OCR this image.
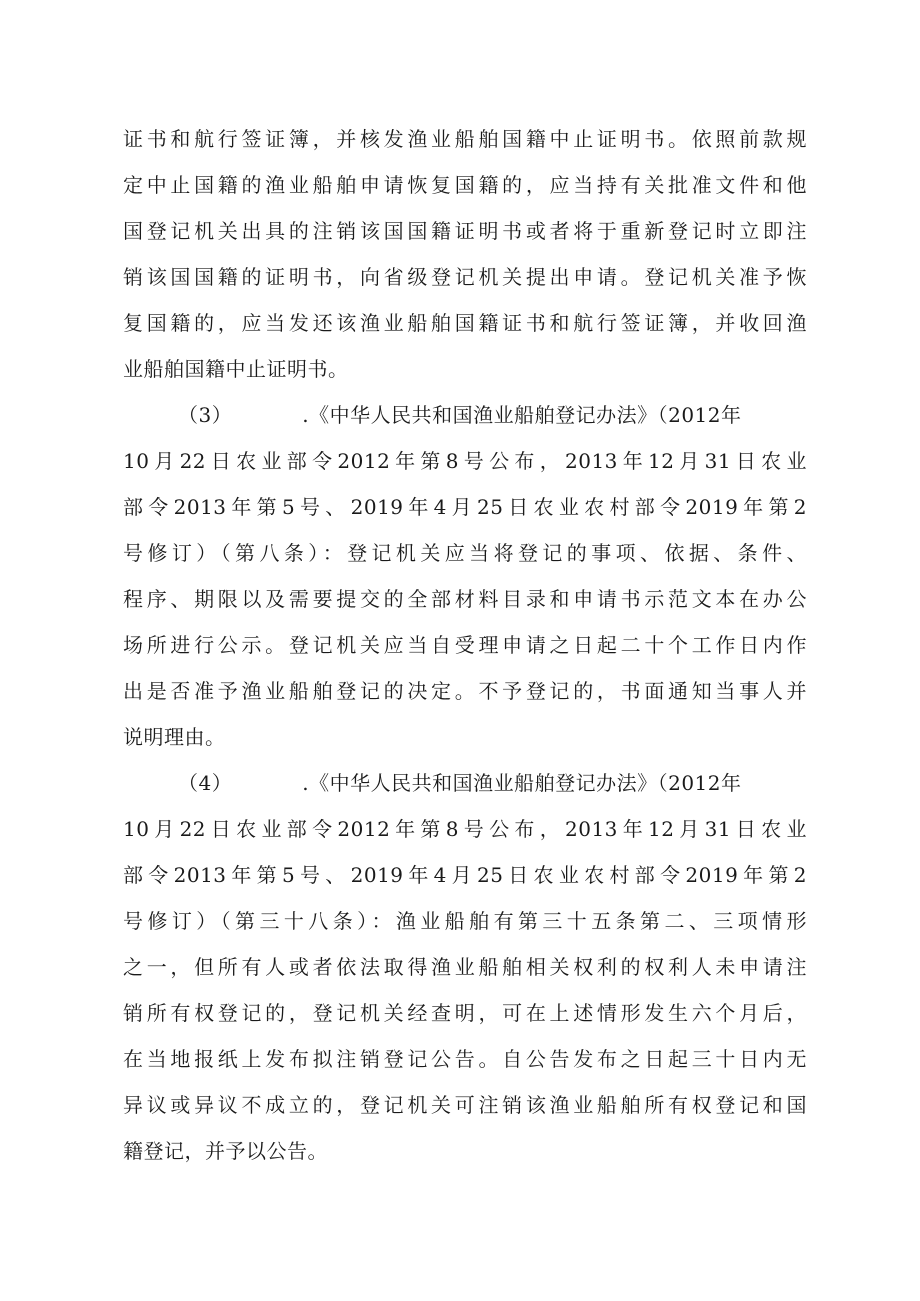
证书和航行签证簿，并核发渔业船舶国籍中止证明书。依照前款规
定中止国籍的渔业船舶申请恢复国籍的，应当持有关批准文件和他
国登记机关出具的注销该国国籍证明书或者将于重新登记时立即注
销该国国籍的证明书，向省级登记机关提出申请。登记机关准予恢
复国籍的，应当发还该渔业船舶国籍证书和航行签证簿，并收回渔
业船舶国籍中止证明书。
（3）	.《中华人民共和国渔业船舶登记办法》（2012年
10月22日农业部令2012年第8号公布，2013年12月31日农业
部令2013年第5号、2019年4月25日农业农村部令2019年第2
号修订）（第八条）：登记机关应当将登记的事项、依据、条件、
程序、期限以及需要提交的全部材料目录和申请书示范文本在办公
场所进行公示。登记机关应当自受理申请之日起二十个工作日内作
出是否准予渔业船舶登记的决定。不予登记的，书面通知当事人并
说明理由。
（4）	.《中华人民共和国渔业船舶登记办法》（2012年
10月22日农业部令2012年第8号公布，2013年12月31日农业
部令2013年第5号、2019年4月25日农业农村部令2019年第2
号修订）（第三十八条）：渔业船舶有第三十五条第二、三项情形
之一，但所有人或者依法取得渔业船舶相关权利的权利人未申请注
销所有权登记的，登记机关经查明，可在上述情形发生六个月后，
在当地报纸上发布拟注销登记公告。自公告发布之日起三十日内无
异议或异议不成立的，登记机关可注销该渔业船舶所有权登记和国
籍登记，并予以公告。
